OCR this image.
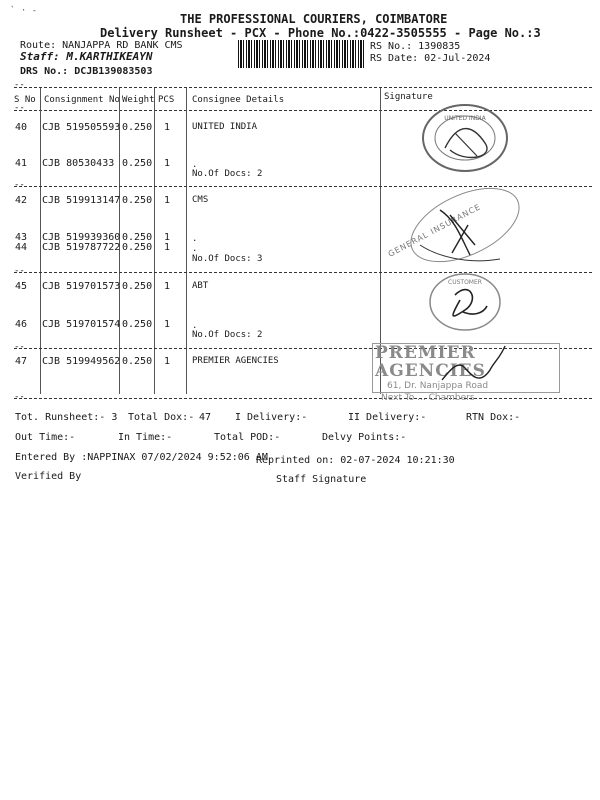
` · -
THE PROFESSIONAL COURIERS, COIMBATORE
Delivery Runsheet - PCX - Phone No.:0422-3505555 - Page No.:3
Route: NANJAPPA RD BANK CMS
Staff: M.KARTHIKEAYN
DRS No.: DCJB139083503
RS No.: 1390835
RS Date: 02-Jul-2024
--
S No Consignment No Weight PCS Consignee Details	Signature
--
40 CJB 519505593 0.250 1 UNITED INDIA
41 CJB 80530433 0.250 1 .
No.Of Docs: 2
--
42 CJB 519913147 0.250 1 CMS
43 CJB 519939360 0.250 1 .
44 CJB 519787722 0.250 1 .
No.Of Docs: 3
--
45 CJB 519701573 0.250 1 ABT
46 CJB 519701574 0.250 1 .
No.Of Docs: 2
--
47 CJB 519949562 0.250 1 PREMIER AGENCIES
--
UNITED INDIA
GENERAL INSURANCE
CUSTOMER
PREMIER AGENCIES
61, Dr. Nanjappa Road
Next To ... Chambers
Tot. Runsheet:- 3 Total Dox:- 47 I Delivery:-	II Delivery:-	RTN Dox:-
Out Time:-	In Time:-	Total POD:-	Delvy Points:-
Entered By :NAPPINAX 07/02/2024 9:52:06 AM
Reprinted on: 02-07-2024 10:21:30
Verified By	Staff Signature
